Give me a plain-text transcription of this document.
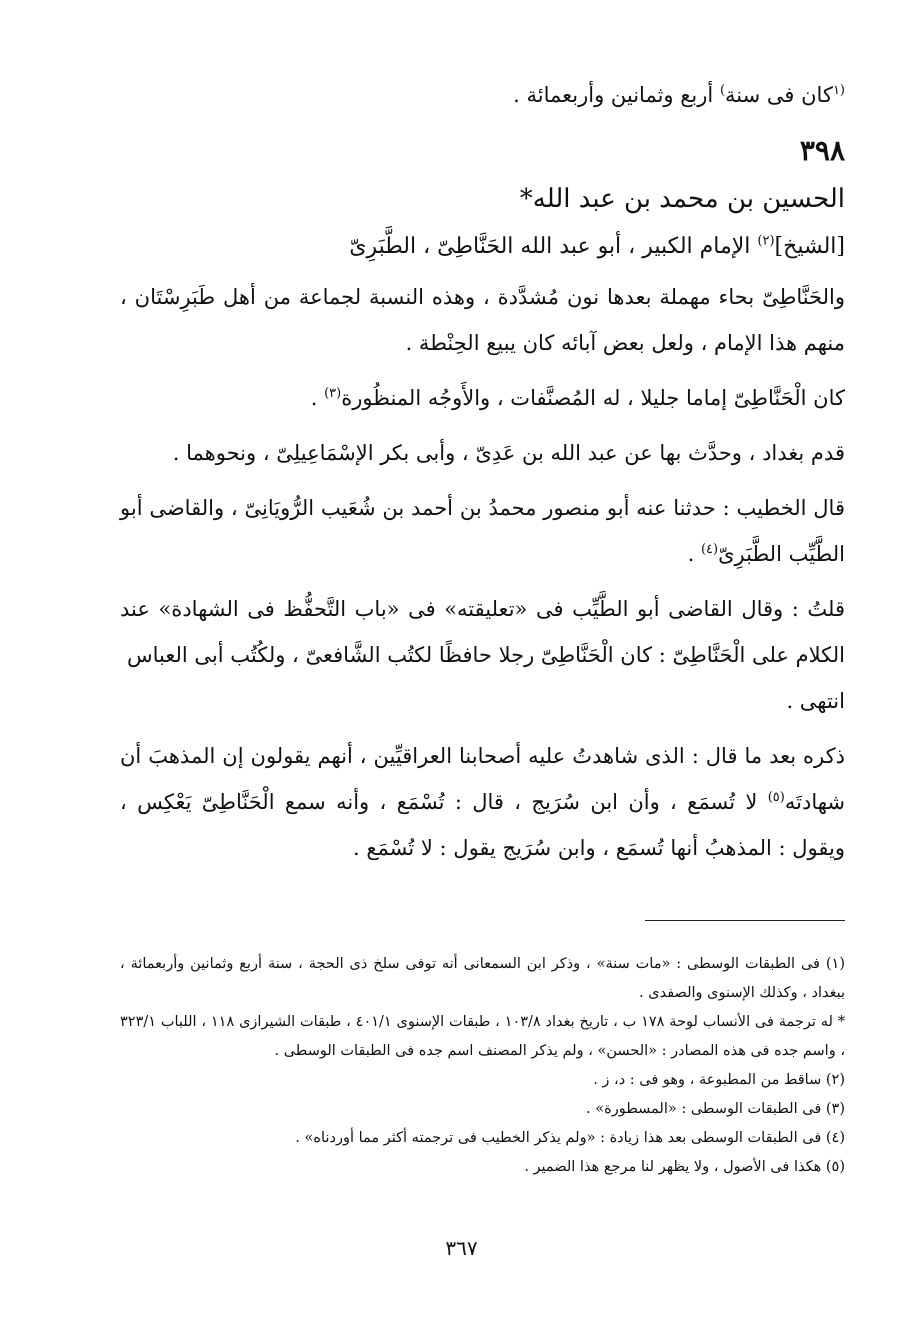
$^{(١}$كان فى سنة) أربع وثمانين وأربعمائة .

٣٩٨
الحسين بن محمد بن عبد الله*
[الشيخ]$^{(٢)}$ الإمام الكبير ، أبو عبد الله الحَنَّاطِىّ ، الطَّبَرِىّ

والحَنَّاطِىّ بحاء مهملة بعدها نون مُشدَّدة ، وهذه النسبة لجماعة من أهل طَبَرِسْتَان ، منهم هذا الإمام ، ولعل بعض آبائه كان يبيع الحِنْطة .

كان الْحَنَّاطِىّ إماما جليلا ، له المُصنَّفات ، والأَوجُه المنظُورة$^{(٣)}$ .

قدم بغداد ، وحدَّث بها عن عبد الله بن عَدِىّ ، وأبى بكر الإسْمَاعِيلِىّ ، ونحوهما .

قال الخطيب : حدثنا عنه أبو منصور محمدُ بن أحمد بن شُعَيب الرُّويَانِىّ ، والقاضى أبو الطَّيِّب الطَّبَرِىّ$^{(٤)}$ .

قلتُ : وقال القاضى أبو الطَّيِّب فى «تعليقته» فى «باب التَّحفُّظ فى الشهادة» عند الكلام على الْحَنَّاطِىّ : كان الْحَنَّاطِىّ رجلا حافظًا لكتُب الشَّافعىّ ، ولكُتُب أبى العباس

انتهى .

ذكره بعد ما قال : الذى شاهدتُ عليه أصحابنا العراقيِّين ، أنهم يقولون إن المذهبَ أن شهادتَه$^{(٥)}$ لا تُسمَع ، وأن ابن سُرَيج ، قال : تُسْمَع ، وأنه سمع الْحَنَّاطِىّ يَعْكِس ، ويقول : المذهبُ أنها تُسمَع ، وابن سُرَيج يقول : لا تُسْمَع .

(١) فى الطبقات الوسطى : «مات سنة» ، وذكر ابن السمعانى أنه توفى سلخ ذى الحجة ، سنة أربع وثمانين وأربعمائة ، ببغداد ، وكذلك الإسنوى والصفدى .

* له ترجمة فى الأنساب لوحة ١٧٨ ب ، تاريخ بغداد ١٠٣/٨ ، طبقات الإسنوى ٤٠١/١ ، طبقات الشيرازى ١١٨ ، اللباب ٣٢٣/١ ، واسم جده فى هذه المصادر : «الحسن» ، ولم يذكر المصنف اسم جده فى الطبقات الوسطى .

(٢) ساقط من المطبوعة ، وهو فى : د، ز .

(٣) فى الطبقات الوسطى : «المسطورة» .

(٤) فى الطبقات الوسطى بعد هذا زيادة : «ولم يذكر الخطيب فى ترجمته أكثر مما أوردناه» .

(٥) هكذا فى الأصول ، ولا يظهر لنا مرجع هذا الضمير .

٣٦٧
